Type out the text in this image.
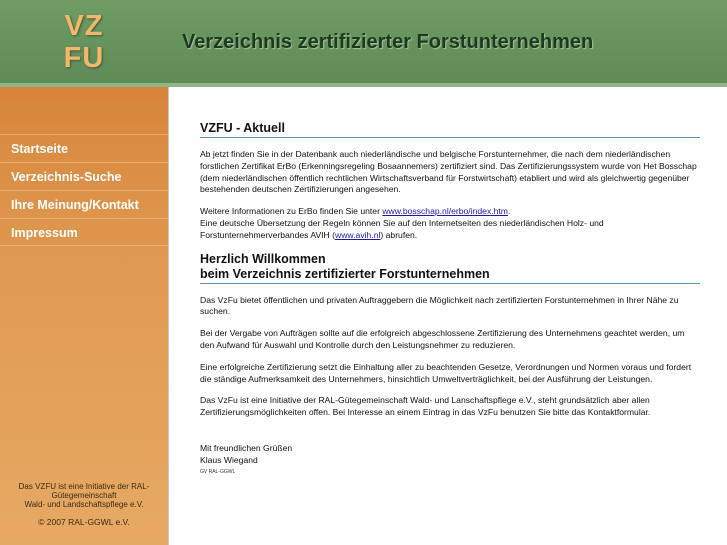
VZ
FU	Verzeichnis zertifizierter Forstunternehmen
Startseite
Verzeichnis-Suche
Ihre Meinung/Kontakt
Impressum
Das VZFU ist eine Initiative der RAL-
Gütegemeinschaft
Wald- und Landschaftspflege e.V.
© 2007 RAL-GGWL e.V.
VZFU - Aktuell

Ab jetzt finden Sie in der Datenbank auch niederländische und belgische Forstunternehmer, die nach dem niederländischen forstlichen Zertifikat ErBo (Erkenningsregeling Bosaannemers) zertifiziert sind. Das Zertifizierungssystem wurde von Het Bosschap (dem niederländischen öffentlich rechtlichen Wirtschaftsverband für Forstwirtschaft) etabliert und wird als gleichwertig gegenüber bestehenden deutschen Zertifizierungen angesehen.

Weitere Informationen zu ErBo finden Sie unter www.bosschap.nl/erbo/index.htm.
Eine deutsche Übersetzung der Regeln können Sie auf den Internetseiten des niederländischen Holz- und Forstunternehmerverbandes AVIH (www.avih.nl) abrufen.

Herzlich Willkommen
beim Verzeichnis zertifizierter Forstunternehmen

Das VzFu bietet öffentlichen und privaten Auftraggebern die Möglichkeit nach zertifizierten Forstunternehmen in Ihrer Nähe zu suchen.

Bei der Vergabe von Aufträgen sollte auf die erfolgreich abgeschlossene Zertifizierung des Unternehmens geachtet werden, um den Aufwand für Auswahl und Kontrolle durch den Leistungsnehmer zu reduzieren.

Eine erfolgreiche Zertifizierung setzt die Einhaltung aller zu beachtenden Gesetze, Verordnungen und Normen voraus und fordert die ständige Aufmerksamkeit des Unternehmers, hinsichtlich Umweltverträglichkeit, bei der Ausführung der Leistungen.

Das VzFu ist eine Initiative der RAL-Gütegemeinschaft Wald- und Lanschaftspflege e.V., steht grundsätzlich aber allen Zertifizierungsmöglichkeiten offen. Bei Interesse an einem Eintrag in das VzFu benutzen Sie bitte das Kontaktformular.

Mit freundlichen Grüßen
Klaus Wiegand
GV RAL-GGWL
